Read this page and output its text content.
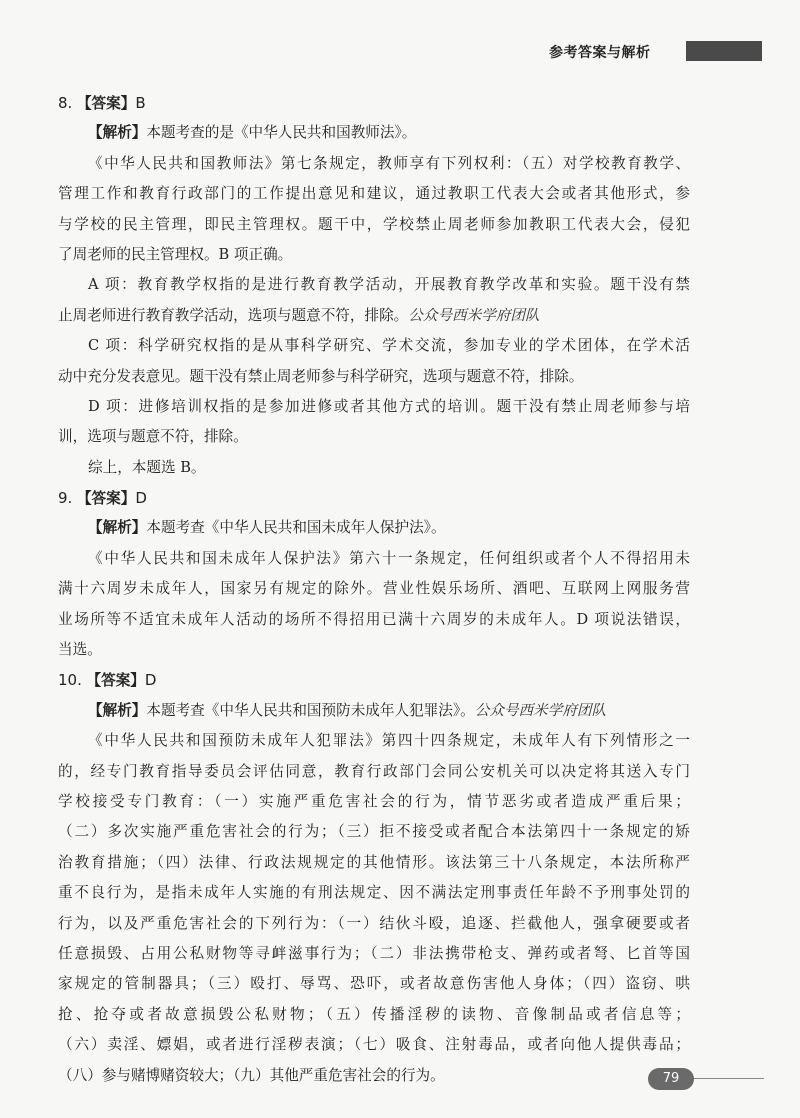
参考答案与解析
8. 【答案】B
【解析】本题考查的是《中华人民共和国教师法》。
《中华人民共和国教师法》第七条规定，教师享有下列权利：（五）对学校教育教学、
管理工作和教育行政部门的工作提出意见和建议，通过教职工代表大会或者其他形式，参
与学校的民主管理，即民主管理权。题干中，学校禁止周老师参加教职工代表大会，侵犯
了周老师的民主管理权。B 项正确。
A 项：教育教学权指的是进行教育教学活动，开展教育教学改革和实验。题干没有禁
止周老师进行教育教学活动，选项与题意不符，排除。公众号西米学府团队
C 项：科学研究权指的是从事科学研究、学术交流，参加专业的学术团体，在学术活
动中充分发表意见。题干没有禁止周老师参与科学研究，选项与题意不符，排除。
D 项：进修培训权指的是参加进修或者其他方式的培训。题干没有禁止周老师参与培
训，选项与题意不符，排除。
综上，本题选 B。
9. 【答案】D
【解析】本题考查《中华人民共和国未成年人保护法》。
《中华人民共和国未成年人保护法》第六十一条规定，任何组织或者个人不得招用未
满十六周岁未成年人，国家另有规定的除外。营业性娱乐场所、酒吧、互联网上网服务营
业场所等不适宜未成年人活动的场所不得招用已满十六周岁的未成年人。D 项说法错误，
当选。
10. 【答案】D
【解析】本题考查《中华人民共和国预防未成年人犯罪法》。公众号西米学府团队
《中华人民共和国预防未成年人犯罪法》第四十四条规定，未成年人有下列情形之一
的，经专门教育指导委员会评估同意，教育行政部门会同公安机关可以决定将其送入专门
学校接受专门教育：（一）实施严重危害社会的行为，情节恶劣或者造成严重后果；
（二）多次实施严重危害社会的行为；（三）拒不接受或者配合本法第四十一条规定的矫
治教育措施；（四）法律、行政法规规定的其他情形。该法第三十八条规定，本法所称严
重不良行为，是指未成年人实施的有刑法规定、因不满法定刑事责任年龄不予刑事处罚的
行为，以及严重危害社会的下列行为：（一）结伙斗殴，追逐、拦截他人，强拿硬要或者
任意损毁、占用公私财物等寻衅滋事行为；（二）非法携带枪支、弹药或者弩、匕首等国
家规定的管制器具；（三）殴打、辱骂、恐吓，或者故意伤害他人身体；（四）盗窃、哄
抢、抢夺或者故意损毁公私财物；（五）传播淫秽的读物、音像制品或者信息等；
（六）卖淫、嫖娼，或者进行淫秽表演；（七）吸食、注射毒品，或者向他人提供毒品；
（八）参与赌博赌资较大；（九）其他严重危害社会的行为。	79
